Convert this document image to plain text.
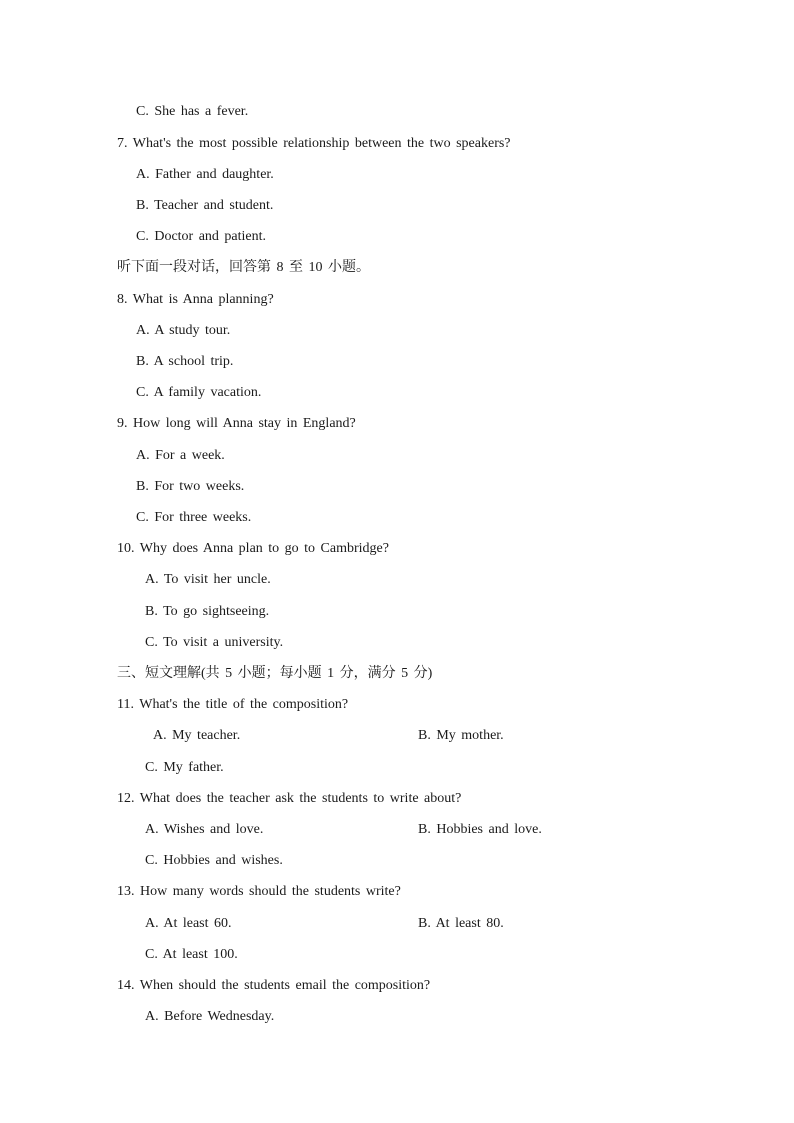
C. She has a fever.
7. What's the most possible relationship between the two speakers?
A. Father and daughter.
B. Teacher and student.
C. Doctor and patient.
听下面一段对话，回答第 8 至 10 小题。
8. What is Anna planning?
A. A study tour.
B. A school trip.
C. A family vacation.
9. How long will Anna stay in England?
A. For a week.
B. For two weeks.
C. For three weeks.
10. Why does Anna plan to go to Cambridge?
A. To visit her uncle.
B. To go sightseeing.
C. To visit a university.
三、短文理解(共 5 小题；每小题 1 分，满分 5 分)
11. What's the title of the composition?
A. My teacher.	B. My mother.
C. My father.
12. What does the teacher ask the students to write about?
A. Wishes and love.	B. Hobbies and love.
C. Hobbies and wishes.
13. How many words should the students write?
A. At least 60.	B. At least 80.
C. At least 100.
14. When should the students email the composition?
A. Before Wednesday.
